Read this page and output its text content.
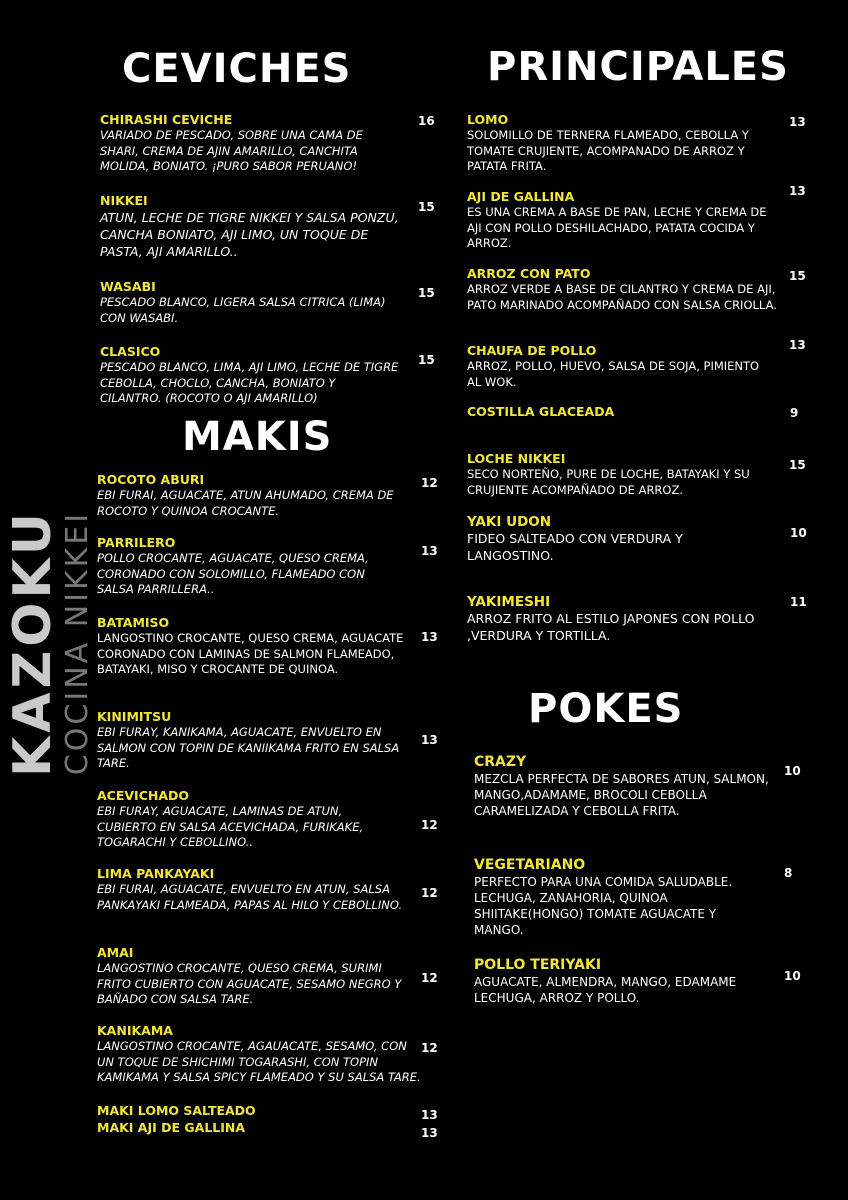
KAZOKU
COCINA NIKKEI
CEVICHES	PRINCIPALES
MAKIS
POKES
CHIRASHI CEVICHE
VARIADO DE PESCADO, SOBRE UNA CAMA DE SHARI, CREMA DE AJIN AMARILLO, CANCHITA MOLIDA, BONIATO. ¡PURO SABOR PERUANO!
16
NIKKEI
ATUN, LECHE DE TIGRE NIKKEI Y SALSA PONZU, CANCHA BONIATO, AJI LIMO, UN TOQUE DE PASTA, AJI AMARILLO..
15
WASABI
PESCADO BLANCO, LIGERA SALSA CITRICA (LIMA) CON WASABI.
15
CLASICO
PESCADO BLANCO, LIMA, AJI LIMO, LECHE DE TIGRE CEBOLLA, CHOCLO, CANCHA, BONIATO Y CILANTRO. (ROCOTO O AJI AMARILLO)
15
ROCOTO ABURI
EBI FURAI, AGUACATE, ATUN AHUMADO, CREMA DE ROCOTO Y QUINOA CROCANTE.
12
PARRILERO
POLLO CROCANTE, AGUACATE, QUESO CREMA, CORONADO CON SOLOMILLO, FLAMEADO CON SALSA PARRILLERA..
13
BATAMISO
LANGOSTINO CROCANTE, QUESO CREMA, AGUACATE CORONADO CON LAMINAS DE SALMON FLAMEADO, BATAYAKI, MISO Y CROCANTE DE QUINOA.
13
KINIMITSU
EBI FURAY, KANIKAMA, AGUACATE, ENVUELTO EN SALMON CON TOPIN DE KANIIKAMA FRITO EN SALSA TARE.
13
ACEVICHADO
EBI FURAY, AGUACATE, LAMINAS DE ATUN, CUBIERTO EN SALSA ACEVICHADA, FURIKAKE, TOGARACHI Y CEBOLLINO..
12
LIMA PANKAYAKI
EBI FURAI, AGUACATE, ENVUELTO EN ATUN, SALSA PANKAYAKI FLAMEADA, PAPAS AL HILO Y CEBOLLINO.
12
AMAI
LANGOSTINO CROCANTE, QUESO CREMA, SURIMI FRITO CUBIERTO CON AGUACATE, SESAMO NEGRO Y BAÑADO CON SALSA TARE.
12
KANIKAMA
LANGOSTINO CROCANTE, AGAUACATE, SESAMO, CON UN TOQUE DE SHICHIMI TOGARASHI, CON TOPIN KAMIKAMA Y SALSA SPICY FLAMEADO Y SU SALSA TARE.
12
MAKI LOMO SALTEADO	13
MAKI AJI DE GALLINA	13
LOMO
SOLOMILLO DE TERNERA FLAMEADO, CEBOLLA Y TOMATE CRUJIENTE, ACOMPANADO DE ARROZ Y PATATA FRITA.
13
AJI DE GALLINA
ES UNA CREMA A BASE DE PAN, LECHE Y CREMA DE AJI CON POLLO DESHILACHADO, PATATA COCIDA Y ARROZ.
13
ARROZ CON PATO
ARROZ VERDE A BASE DE CILANTRO Y CREMA DE AJI, PATO MARINADO ACOMPAÑADO CON SALSA CRIOLLA.
15
CHAUFA DE POLLO
ARROZ, POLLO, HUEVO, SALSA DE SOJA, PIMIENTO AL WOK.
13
COSTILLA GLACEADA	9
LOCHE NIKKEI
SECO NORTEÑO, PURE DE LOCHE, BATAYAKI Y SU CRUJIENTE ACOMPAÑADO DE ARROZ.
15
YAKI UDON
FIDEO SALTEADO CON VERDURA Y LANGOSTINO.
10
YAKIMESHI
ARROZ FRITO AL ESTILO JAPONES CON POLLO ,VERDURA Y TORTILLA.
11
CRAZY
MEZCLA PERFECTA DE SABORES ATUN, SALMON, MANGO,ADAMAME, BROCOLI CEBOLLA CARAMELIZADA Y CEBOLLA FRITA.
10
VEGETARIANO
PERFECTO PARA UNA COMIDA SALUDABLE. LECHUGA, ZANAHORIA, QUINOA SHIITAKE(HONGO) TOMATE AGUACATE Y MANGO.
8
POLLO TERIYAKI
AGUACATE, ALMENDRA, MANGO, EDAMAME LECHUGA, ARROZ Y POLLO.
10
